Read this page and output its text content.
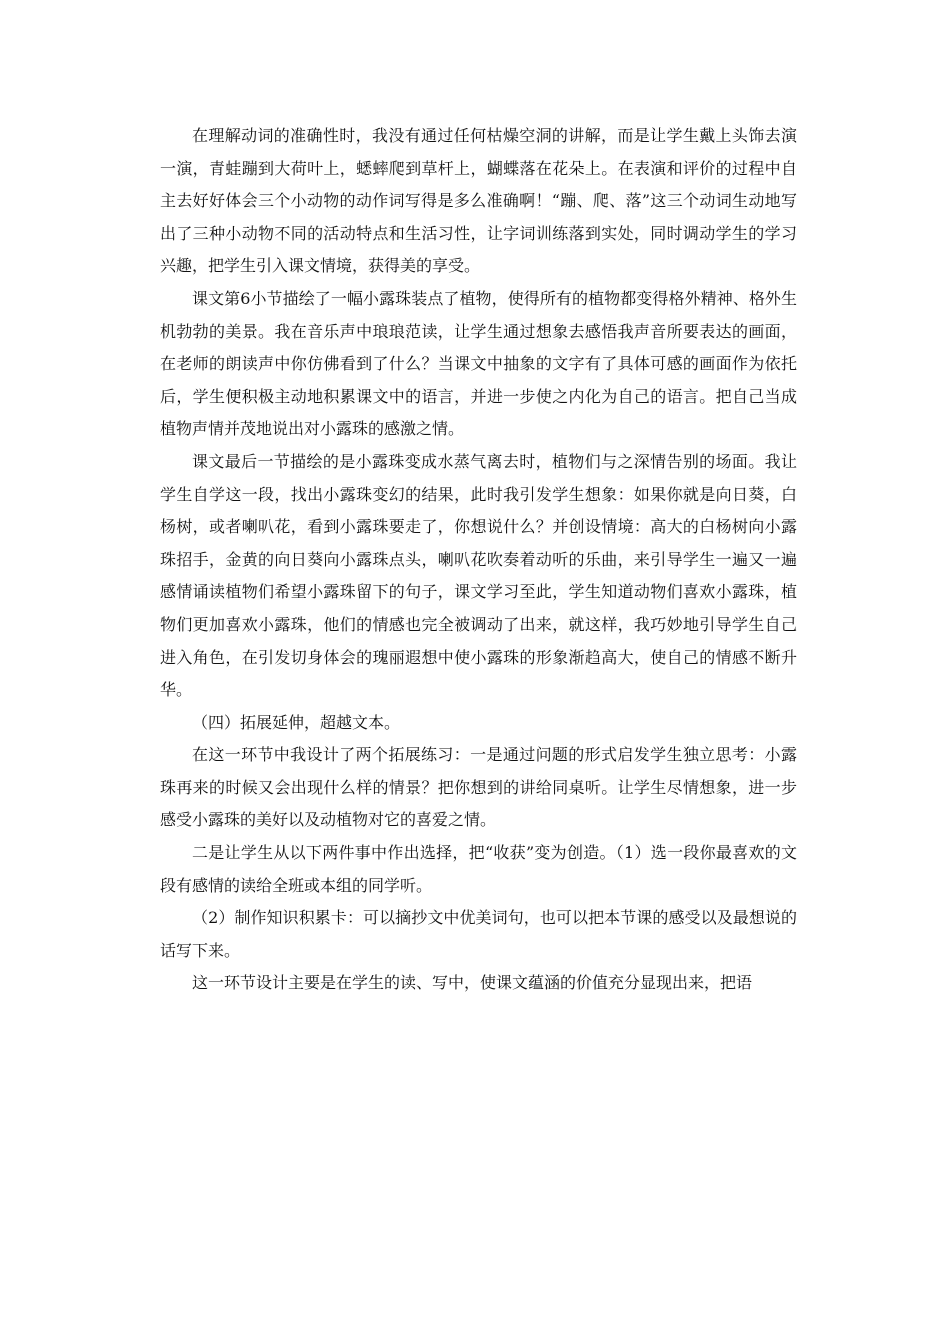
在理解动词的准确性时，我没有通过任何枯燥空洞的讲解，而是让学生戴上头饰去演一演，青蛙蹦到大荷叶上，蟋蟀爬到草杆上，蝴蝶落在花朵上。在表演和评价的过程中自主去好好体会三个小动物的动作词写得是多么准确啊！“蹦、爬、落”这三个动词生动地写出了三种小动物不同的活动特点和生活习性，让字词训练落到实处，同时调动学生的学习兴趣，把学生引入课文情境，获得美的享受。

课文第6小节描绘了一幅小露珠装点了植物，使得所有的植物都变得格外精神、格外生机勃勃的美景。我在音乐声中琅琅范读，让学生通过想象去感悟我声音所要表达的画面，在老师的朗读声中你仿佛看到了什么？当课文中抽象的文字有了具体可感的画面作为依托后，学生便积极主动地积累课文中的语言，并进一步使之内化为自己的语言。把自己当成植物声情并茂地说出对小露珠的感激之情。

课文最后一节描绘的是小露珠变成水蒸气离去时，植物们与之深情告别的场面。我让学生自学这一段，找出小露珠变幻的结果，此时我引发学生想象：如果你就是向日葵，白杨树，或者喇叭花，看到小露珠要走了，你想说什么？并创设情境：高大的白杨树向小露珠招手，金黄的向日葵向小露珠点头，喇叭花吹奏着动听的乐曲，来引导学生一遍又一遍感情诵读植物们希望小露珠留下的句子，课文学习至此，学生知道动物们喜欢小露珠，植物们更加喜欢小露珠，他们的情感也完全被调动了出来，就这样，我巧妙地引导学生自己进入角色，在引发切身体会的瑰丽遐想中使小露珠的形象渐趋高大，使自己的情感不断升华。

（四）拓展延伸，超越文本。

在这一环节中我设计了两个拓展练习：一是通过问题的形式启发学生独立思考：小露珠再来的时候又会出现什么样的情景？把你想到的讲给同桌听。让学生尽情想象，进一步感受小露珠的美好以及动植物对它的喜爱之情。

二是让学生从以下两件事中作出选择，把“收获”变为创造。（1）选一段你最喜欢的文段有感情的读给全班或本组的同学听。

（2）制作知识积累卡：可以摘抄文中优美词句，也可以把本节课的感受以及最想说的话写下来。

这一环节设计主要是在学生的读、写中，使课文蕴涵的价值充分显现出来，把语
